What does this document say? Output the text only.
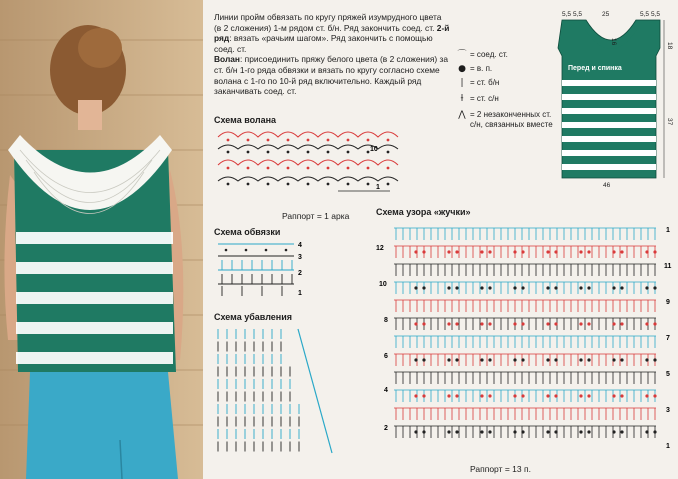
Линии пройм обвязать по кругу пряжей изумрудного цвета (в 2 сложения) 1-м рядом ст. б/н. Ряд закончить соед. ст. 2-й ряд: вязать «рачьим шагом». Ряд закончить с помощью соед. ст.

Волан: присоединить пряжу белого цвета (в 2 сложения) за ст. б/н 1-го ряда обвязки и вязать по кругу согласно схеме волана с 1-го по 10-й ряд включительно. Каждый ряд заканчивать соед. ст.

⌒ = соед. ст.
● = в. п.
| = ст. б/н
ƚ = ст. с/н
⋀ = 2 незаконченных ст. с/н, связанных вместе
5,5 5,5	25	5,5 5,5
Перед и спинка
16
18
37
46
Схема волана
10
1
Раппорт = 1 арка
Схема обвязки
4
3
2
1
Схема убавления
Схема узора «жучки»
12
10
8
6
4
2
1
11
9
7
5
3
1
Раппорт = 13 п.
